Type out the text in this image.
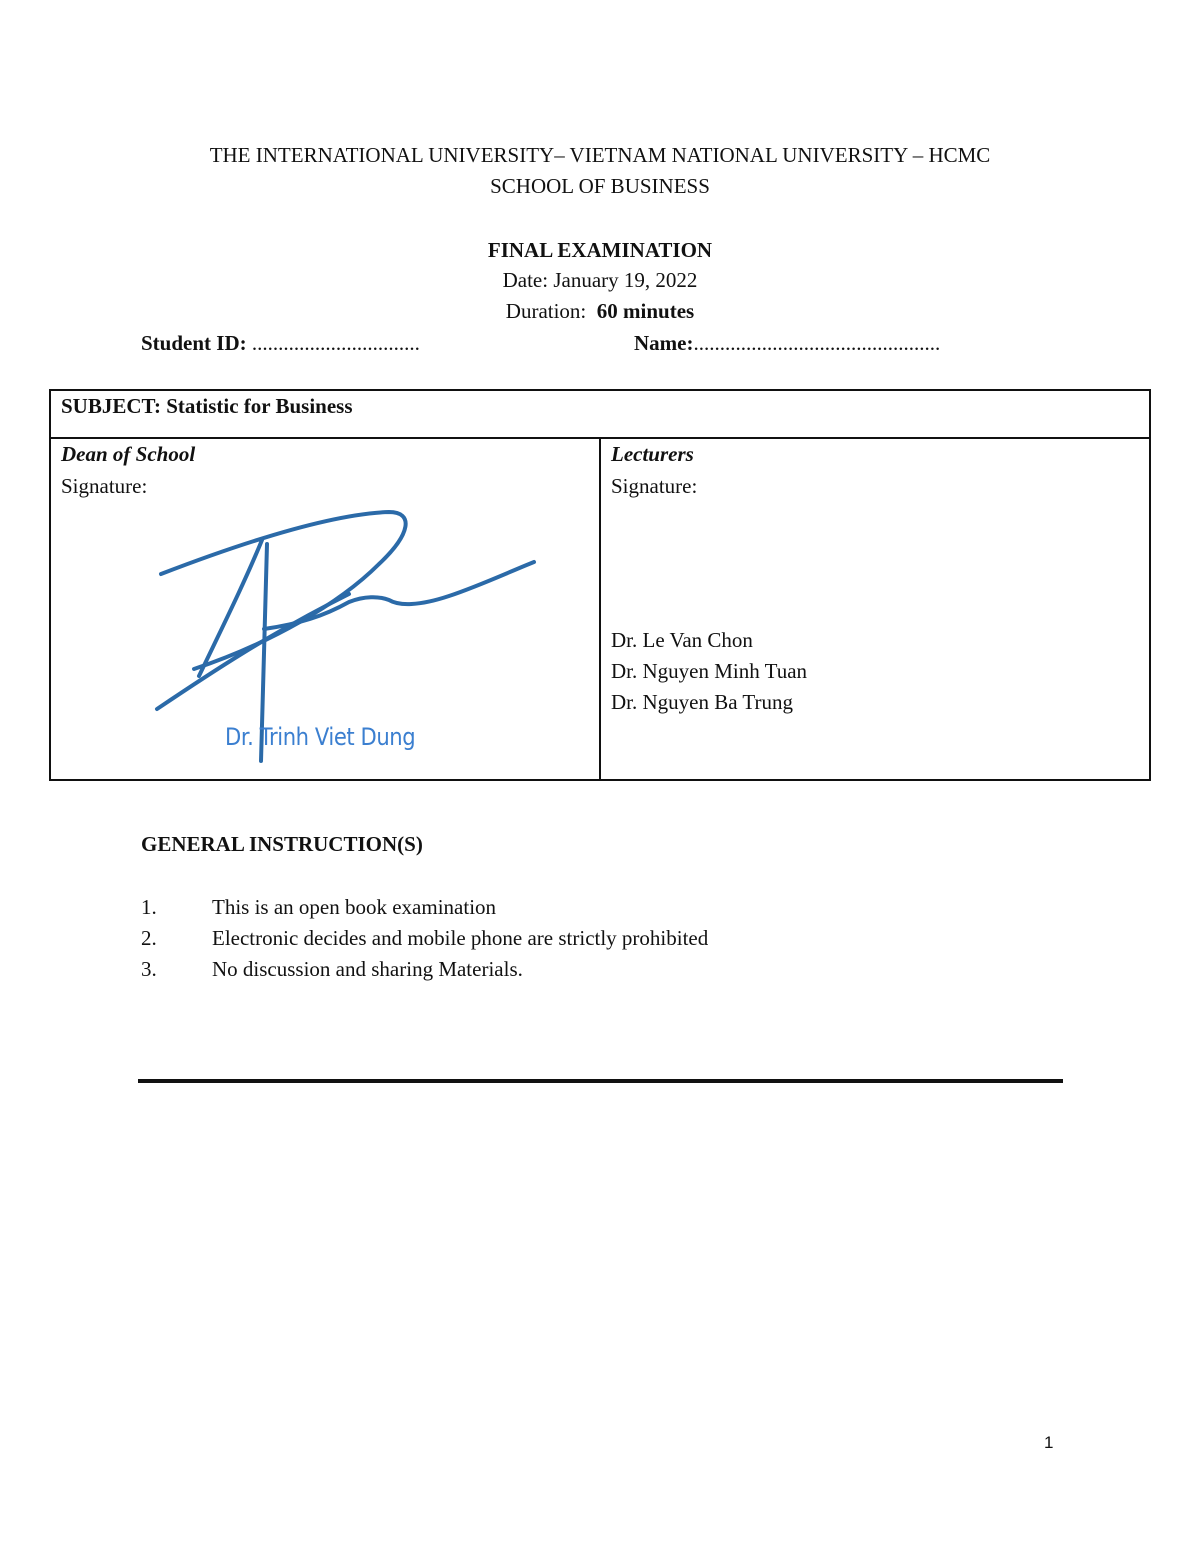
THE INTERNATIONAL UNIVERSITY– VIETNAM NATIONAL UNIVERSITY – HCMC
SCHOOL OF BUSINESS
FINAL EXAMINATION
Date: January 19, 2022
Duration: 60 minutes
Student ID: ................................	Name:...............................................
SUBJECT: Statistic for Business
Dean of School
Signature:
Dr. Trinh Viet Dung
Lecturers
Signature:
Dr. Le Van Chon
Dr. Nguyen Minh Tuan
Dr. Nguyen Ba Trung
GENERAL INSTRUCTION(S)
1.	This is an open book examination
2.	Electronic decides and mobile phone are strictly prohibited
3.	No discussion and sharing Materials.
1
